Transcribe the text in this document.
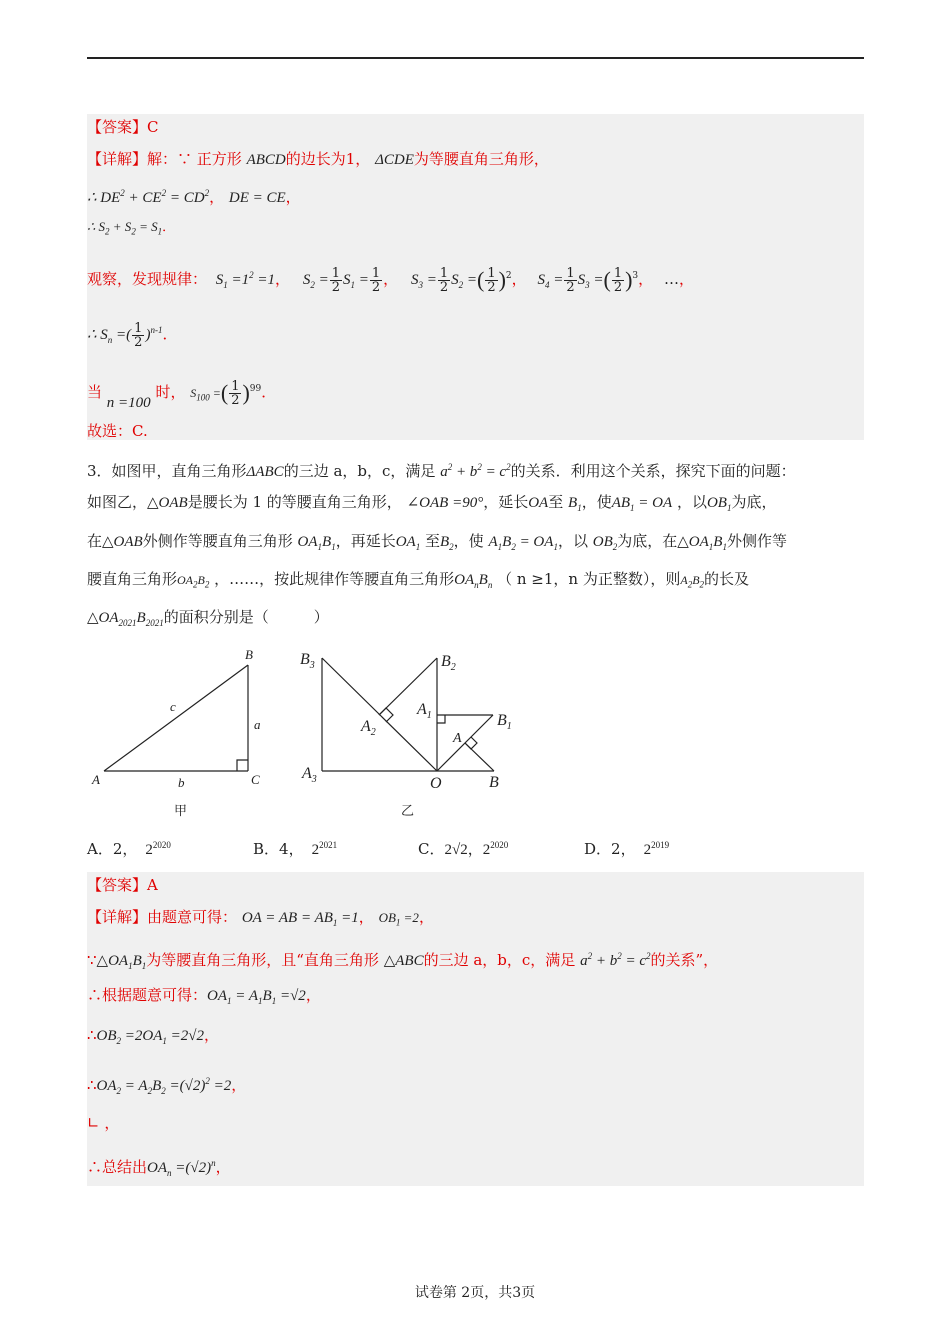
【答案】C
【详解】解：∵ 正方形 ABCD的边长为1， ΔCDE为等腰直角三角形，
∴ $DE^2 + CE^2 = CD^2$， DE = CE，
∴ $S_2 + S_2 = S_1$．
观察，发现规律： $S_1 =1^2 =1$， $S_2 = \frac{1}{2} S_1 = \frac{1}{2}$ ， $S_3 = \frac{1}{2} S_2$ =( $\frac{1}{2} )^2$， $S_4 = \frac{1}{2} S_3$ =( $\frac{1}{2} )^3$， …，
∴ $S_n$ =( $\frac{1}{2} )^{n-1}$．
当 n =100 时， $S_{100}$ =( $\frac{1}{2} )^{99}$．
故选：C.
3．如图甲，直角三角形ΔABC的三边 a，b，c，满足 $a^2 + b^2 = c^2$的关系．利用这个关系，探究下面的问题：
如图乙，△OAB是腰长为 1 的等腰直角三角形， ∠OAB =90°，延长OA至 $B_1$，使$AB_1$ = OA ，以$OB_1$为底，
在△OAB外侧作等腰直角三角形 $OA_1B_1$，再延长$OA_1$ 至$B_2$，使 $A_1B_2 = OA_1$，以 $OB_2$为底，在$\triangle OA_1B_1$外侧作等
腰直角三角形$OA_2B_2$ ，……，按此规律作等腰直角三角形$OA_nB_n$ （ n ≥1，n 为正整数），则$A_2B_2$的长及
$\triangle OA_{2021}B_{2021}$的面积分别是（　　　）
A
B
C
a
b
c
甲
$B_3$	$B_2$
$A_2$
$A_1$	$B_1$
A
$A_3$	O	B
乙
A．2， $2^{2020}$	B．4， $2^{2021}$	C．2√2，$2^{2020}$	D．2， $2^{2019}$
【答案】A
【详解】由题意可得： OA = AB = $AB_1 =1$， $OB_1 =2$，
$\because\triangle OA_1B_1$为等腰直角三角形，且“直角三角形 △ABC的三边 a，b，c，满足 $a^2 + b^2 = c^2$的关系”，
∴根据题意可得：$OA_1 = A_1B_1 =√2$，
$\therefore OB_2 =2OA_1 =2√2$，
$\therefore OA_2 = A_2B_2 =(√2)^2 =2$，
∟ ，
∴总结出$OA_n =(√2)^n$，
试卷第 2页，共3页
